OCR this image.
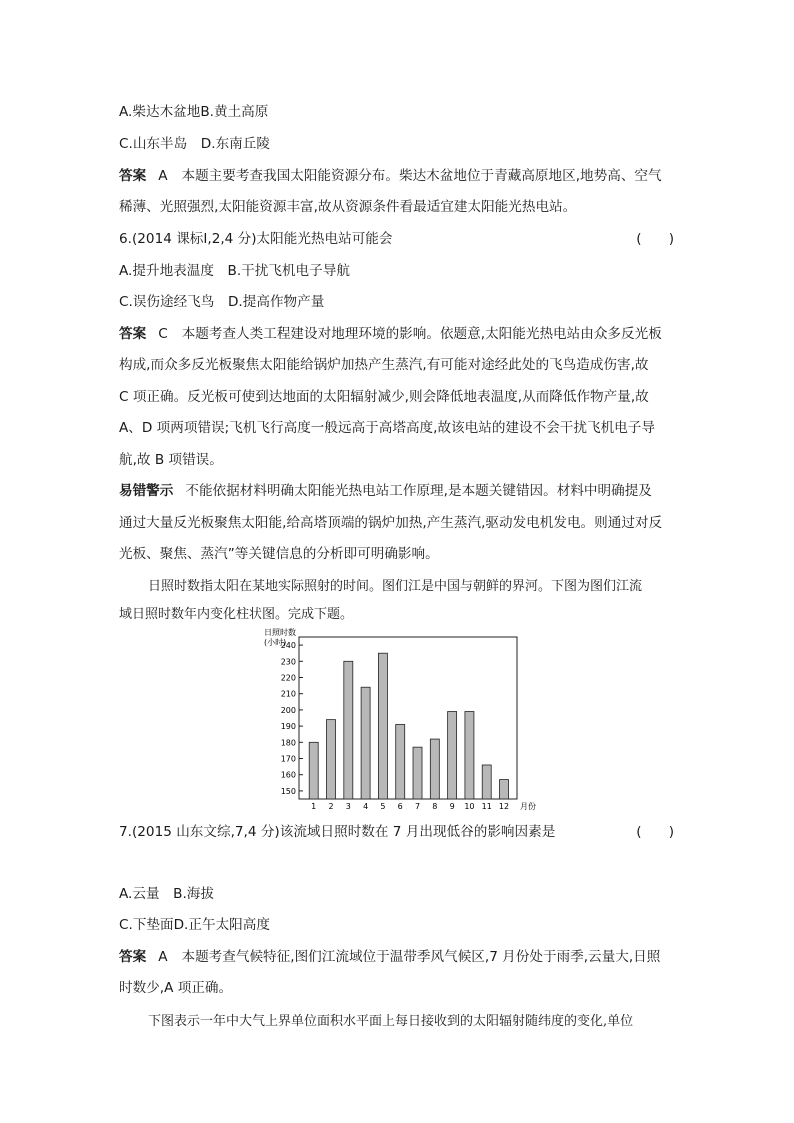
A.柴达木盆地B.黄土高原
C.山东半岛　D.东南丘陵
答案 A 本题主要考查我国太阳能资源分布。柴达木盆地位于青藏高原地区,地势高、空气
稀薄、光照强烈,太阳能资源丰富,故从资源条件看最适宜建太阳能光热电站。
6.(2014 课标Ⅰ,2,4 分)太阳能光热电站可能会	(　　)
A.提升地表温度　B.干扰飞机电子导航
C.误伤途经飞鸟　D.提高作物产量
答案 C 本题考查人类工程建设对地理环境的影响。依题意,太阳能光热电站由众多反光板
构成,而众多反光板聚焦太阳能给锅炉加热产生蒸汽,有可能对途经此处的飞鸟造成伤害,故
C 项正确。反光板可使到达地面的太阳辐射减少,则会降低地表温度,从而降低作物产量,故
A、D 项两项错误;飞机飞行高度一般远高于高塔高度,故该电站的建设不会干扰飞机电子导
航,故 B 项错误。
易错警示 不能依据材料明确太阳能光热电站工作原理,是本题关键错因。材料中明确提及
通过大量反光板聚焦太阳能,给高塔顶端的锅炉加热,产生蒸汽,驱动发电机发电。则通过对反
光板、聚焦、蒸汽”等关键信息的分析即可明确影响。
日照时数指太阳在某地实际照射的时间。图们江是中国与朝鲜的界河。下图为图们江流
域日照时数年内变化柱状图。完成下题。
日照时数
(小时)
150
160
170
180
190
200
210
220
230
240
1 2 3 4 5 6 7 8 9 10 11 12 月份
7.(2015 山东文综,7,4 分)该流域日照时数在 7 月出现低谷的影响因素是	(　　)
A.云量　B.海拔
C.下垫面D.正午太阳高度
答案 A 本题考查气候特征,图们江流域位于温带季风气候区,7 月份处于雨季,云量大,日照
时数少,A 项正确。
下图表示一年中大气上界单位面积水平面上每日接收到的太阳辐射随纬度的变化,单位
